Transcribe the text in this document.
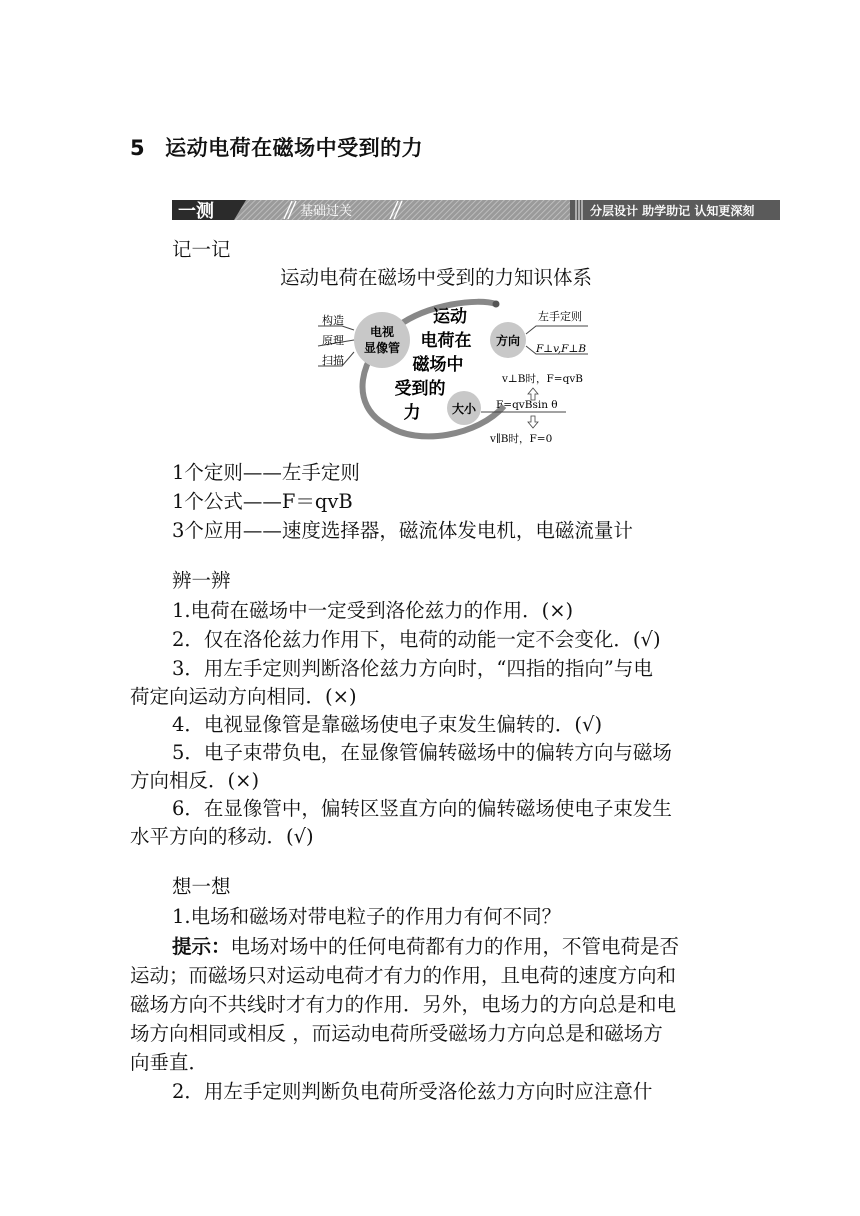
5 运动电荷在磁场中受到的力
一测	基础过关	分层设计 助学助记 认知更深刻
记一记
运动电荷在磁场中受到的力知识体系
电视
显像管
构造
原理
扫描
运动
电荷在
磁场中
受到的
力
方向
左手定则
F⊥v,F⊥B
大小
v⊥B时，F=qvB
F=qvBsin θ
v∥B时，F=0
1个定则——左手定则
1个公式——F＝qvB
3个应用——速度选择器，磁流体发电机，电磁流量计
辨一辨
1.电荷在磁场中一定受到洛伦兹力的作用．(×)
2．仅在洛伦兹力作用下，电荷的动能一定不会变化．(√)
3．用左手定则判断洛伦兹力方向时，“四指的指向”与电
荷定向运动方向相同．(×)
4．电视显像管是靠磁场使电子束发生偏转的．(√)
5．电子束带负电，在显像管偏转磁场中的偏转方向与磁场
方向相反．(×)
6．在显像管中，偏转区竖直方向的偏转磁场使电子束发生
水平方向的移动．(√)
想一想
1.电场和磁场对带电粒子的作用力有何不同？
提示：电场对场中的任何电荷都有力的作用，不管电荷是否
运动；而磁场只对运动电荷才有力的作用，且电荷的速度方向和
磁场方向不共线时才有力的作用．另外，电场力的方向总是和电
场方向相同或相反 ，而运动电荷所受磁场力方向总是和磁场方
向垂直．
2．用左手定则判断负电荷所受洛伦兹力方向时应注意什
